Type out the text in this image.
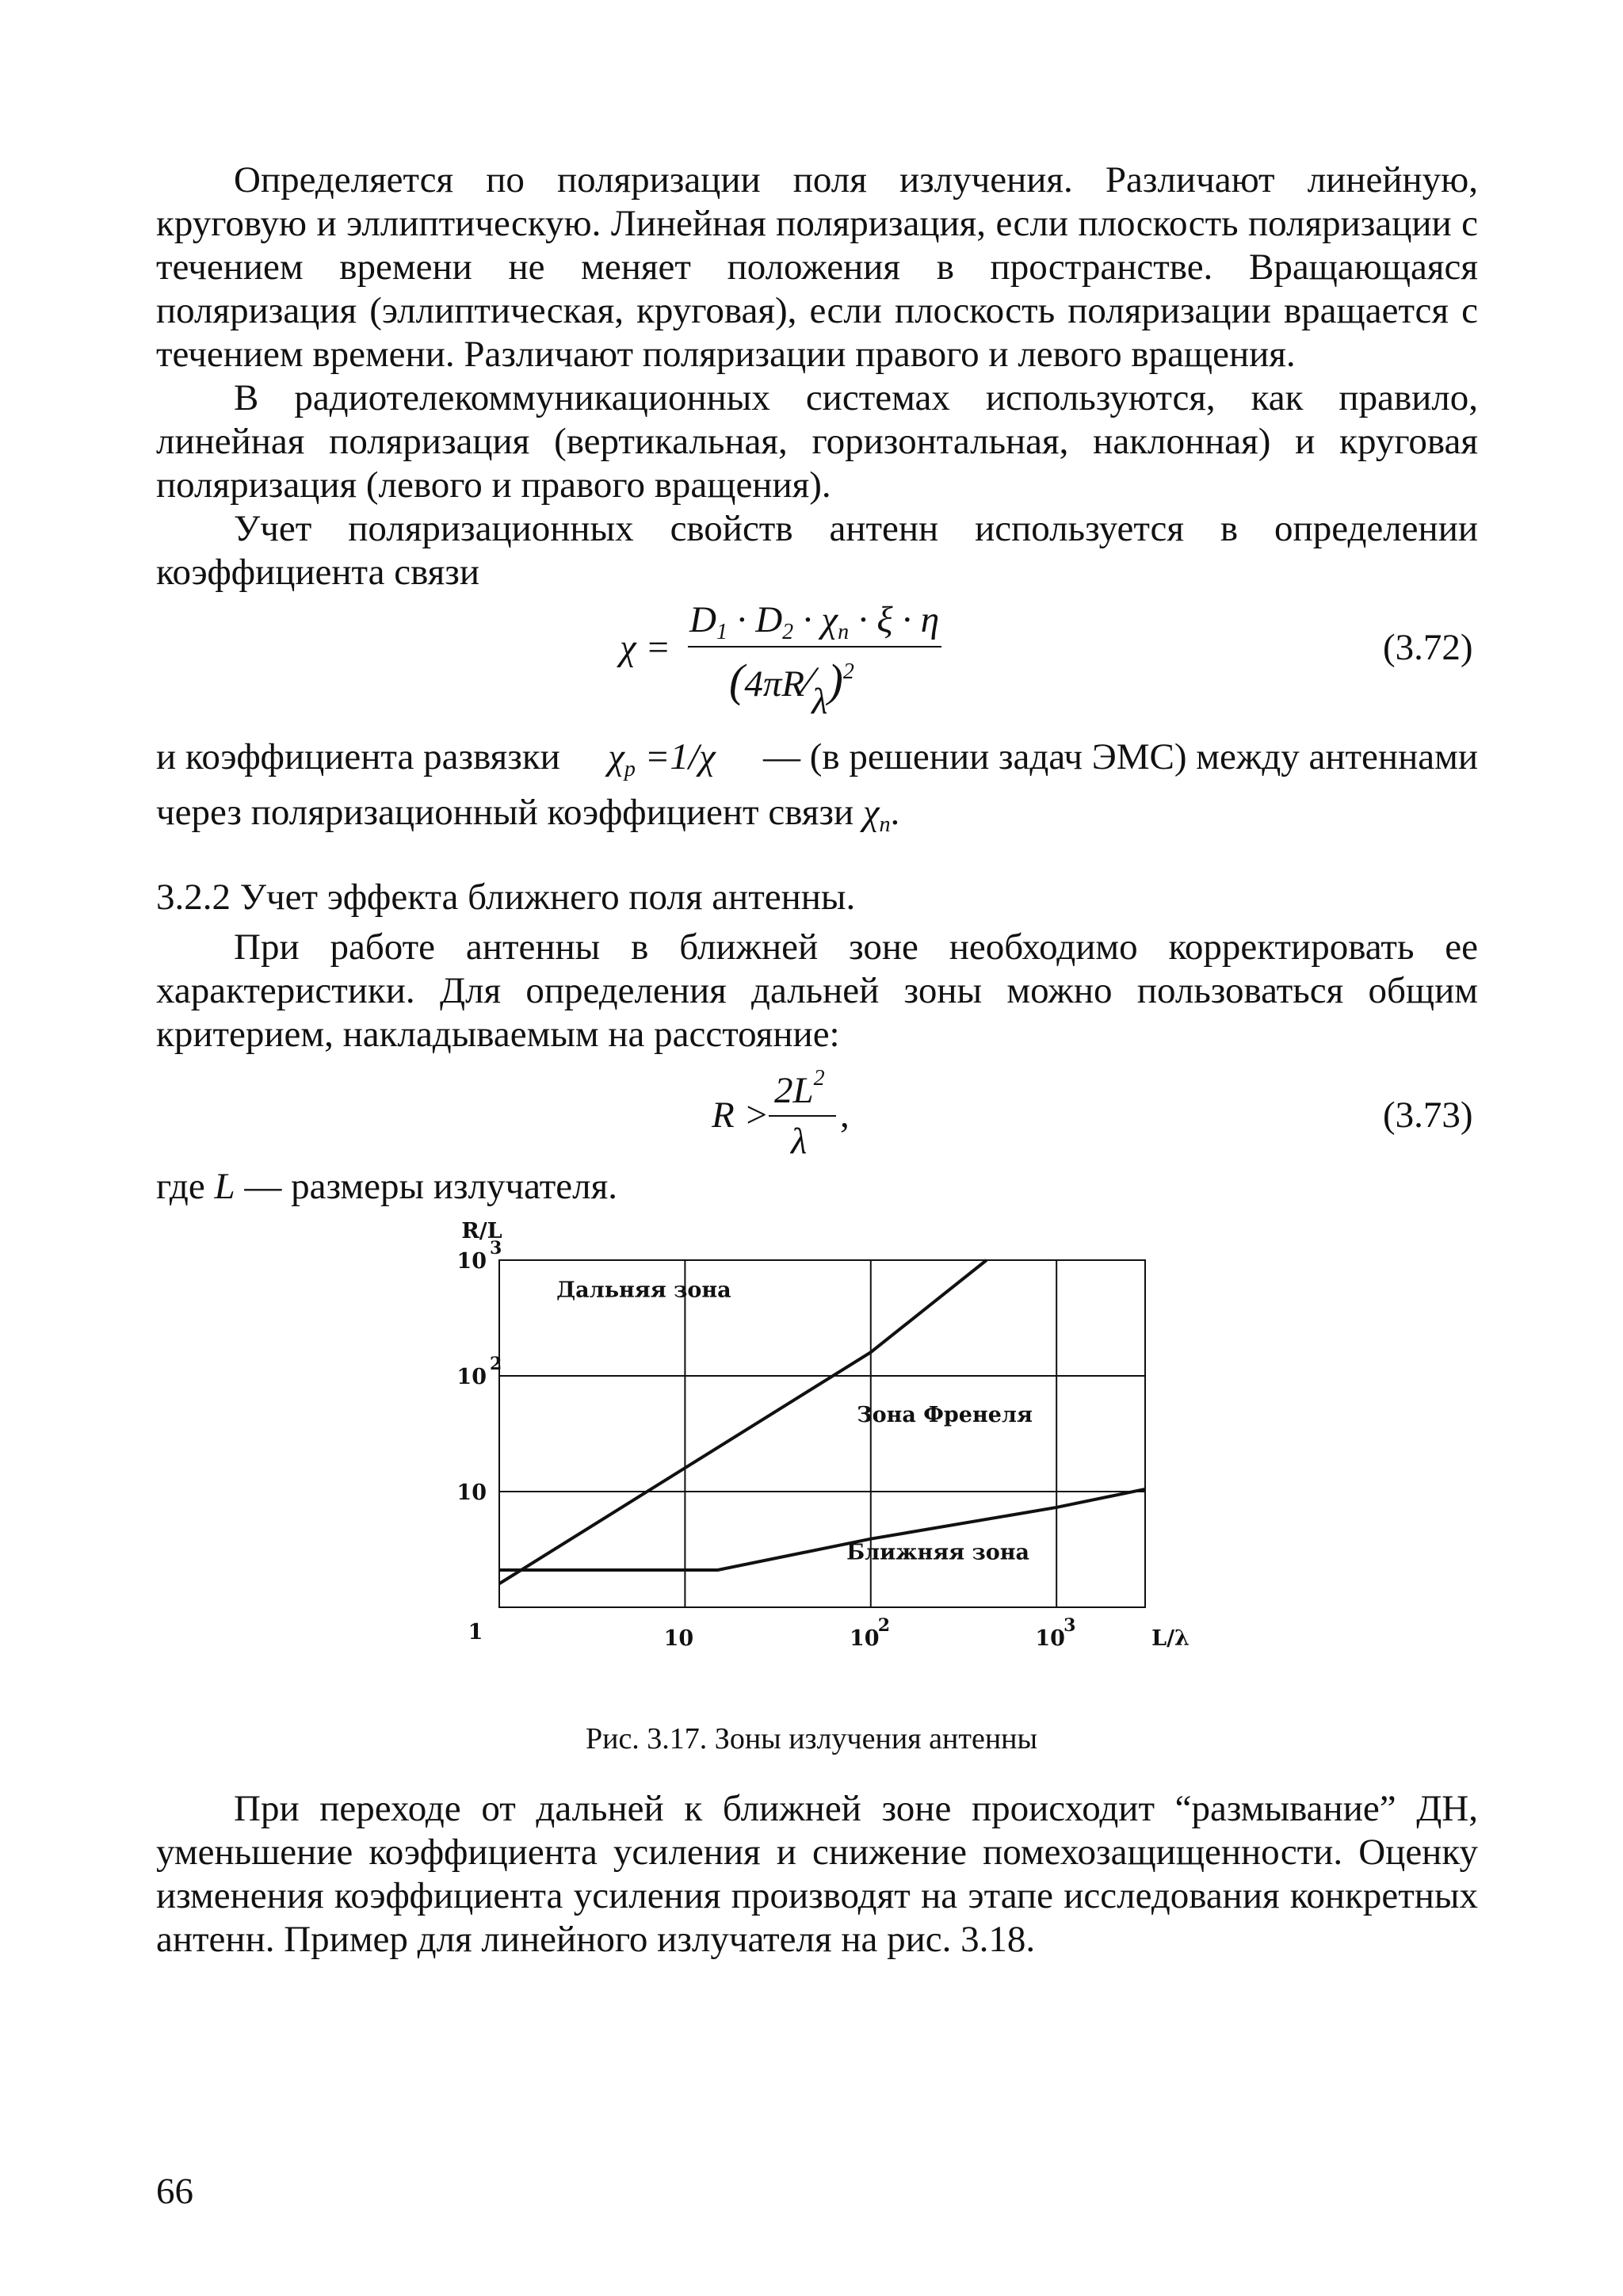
Определяется по поляризации поля излучения. Различают линейную, круговую и эллиптическую. Линейная поляризация, если плоскость поляризации с течением времени не меняет положения в пространстве. Вращающаяся поляризация (эллиптическая, круговая), если плоскость поляризации вращается с течением времени. Различают поляризации правого и левого вращения.

В радиотелекоммуникационных системах используются, как правило, линейная поляризация (вертикальная, горизонтальная, наклонная) и круговая поляризация (левого и правого вращения).

Учет поляризационных свойств антенн используется в определении коэффициента связи

χ =
$D_1 \cdot D_2 \cdot \chi_n \cdot \xi \cdot \eta$
(4πR⁄λ)$^2$
(3.72)
и коэффициента развязки $\chi_p =1/\chi$ — (в решении задач ЭМС) между антеннами
через поляризационный коэффициент связи $\chi_n$.
3.2.2 Учет эффекта ближнего поля антенны.

При работе антенны в ближней зоне необходимо корректировать ее характеристики. Для определения дальней зоны можно пользоваться общим критерием, накладываемым на расстояние:

R >
$2L^2$
λ
,	(3.73)
где L — размеры излучателя.
10
10
2
10
3
1	10	10
2
10
3
R/L
L/λ
Дальняя зона
Зона Френеля
Ближняя зона
Рис. 3.17. Зоны излучения антенны

При переходе от дальней к ближней зоне происходит “размывание” ДН, уменьшение коэффициента усиления и снижение помехозащищенности. Оценку изменения коэффициента усиления производят на этапе исследования конкретных антенн. Пример для линейного излучателя на рис. 3.18.

66
